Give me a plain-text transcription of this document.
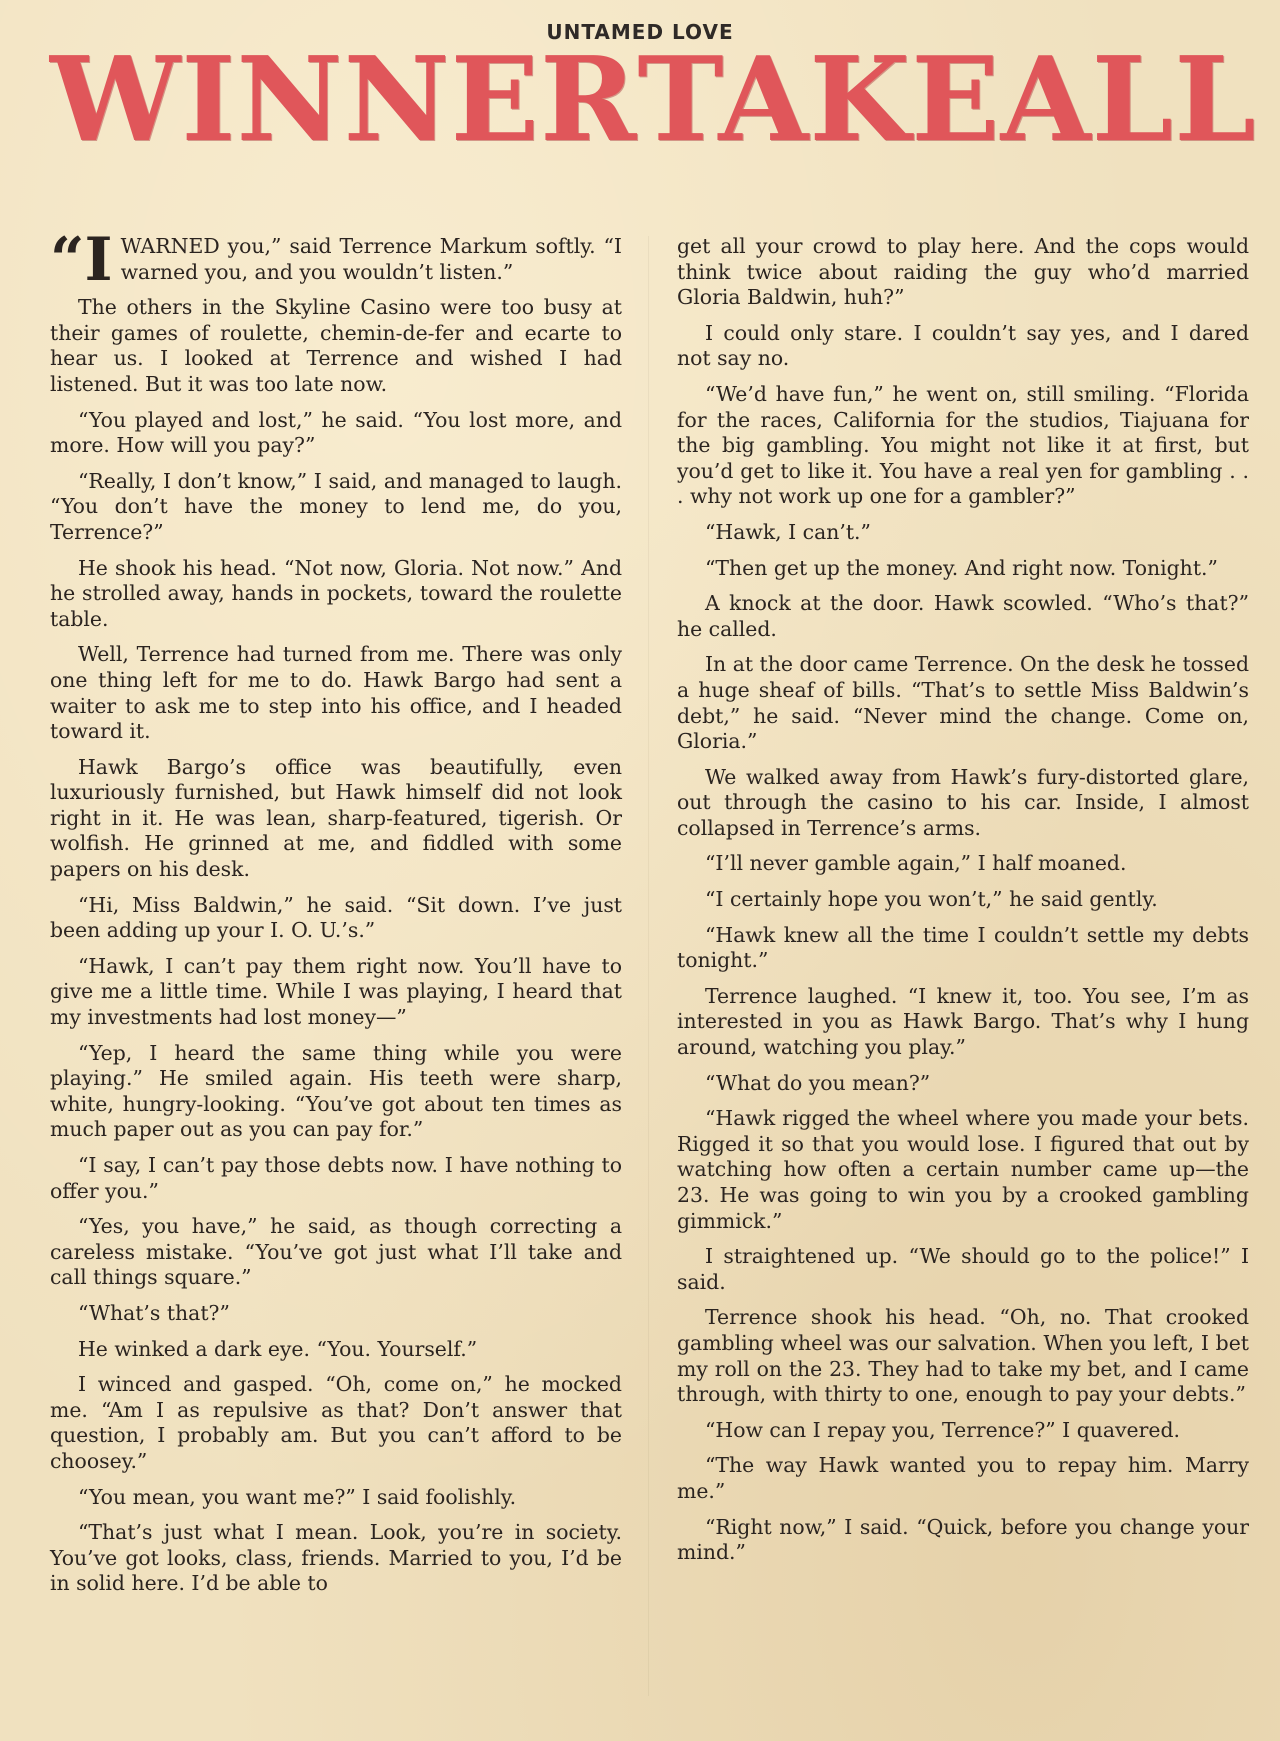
UNTAMED LOVE
WINNER TAKE ALL

“IWARNED you,” said Terrence Markum softly. “I warned you, and you wouldn’t listen.”

The others in the Skyline Casino were too busy at their games of roulette, chemin-de-fer and ecarte to hear us. I looked at Terrence and wished I had listened. But it was too late now.

“You played and lost,” he said. “You lost more, and more. How will you pay?”

“Really, I don’t know,” I said, and managed to laugh. “You don’t have the money to lend me, do you, Terrence?”

He shook his head. “Not now, Gloria. Not now.” And he strolled away, hands in pockets, toward the roulette table.

Well, Terrence had turned from me. There was only one thing left for me to do. Hawk Bargo had sent a waiter to ask me to step into his office, and I headed toward it.

Hawk Bargo’s office was beautifully, even luxuriously furnished, but Hawk himself did not look right in it. He was lean, sharp-featured, tigerish. Or wolfish. He grinned at me, and fiddled with some papers on his desk.

“Hi, Miss Baldwin,” he said. “Sit down. I’ve just been adding up your I. O. U.’s.”

“Hawk, I can’t pay them right now. You’ll have to give me a little time. While I was playing, I heard that my investments had lost money—”

“Yep, I heard the same thing while you were playing.” He smiled again. His teeth were sharp, white, hungry-looking. “You’ve got about ten times as much paper out as you can pay for.”

“I say, I can’t pay those debts now. I have nothing to offer you.”

“Yes, you have,” he said, as though correcting a careless mistake. “You’ve got just what I’ll take and call things square.”

“What’s that?”

He winked a dark eye. “You. Yourself.”

I winced and gasped. “Oh, come on,” he mocked me. “Am I as repulsive as that? Don’t answer that question, I probably am. But you can’t afford to be choosey.”

“You mean, you want me?” I said foolishly.

“That’s just what I mean. Look, you’re in society. You’ve got looks, class, friends. Married to you, I’d be in solid here. I’d be able to

get all your crowd to play here. And the cops would think twice about raiding the guy who’d married Gloria Baldwin, huh?”

I could only stare. I couldn’t say yes, and I dared not say no.

“We’d have fun,” he went on, still smiling. “Florida for the races, California for the studios, Tiajuana for the big gambling. You might not like it at first, but you’d get to like it. You have a real yen for gambling . . . why not work up one for a gambler?”

“Hawk, I can’t.”

“Then get up the money. And right now. Tonight.”

A knock at the door. Hawk scowled. “Who’s that?” he called.

In at the door came Terrence. On the desk he tossed a huge sheaf of bills. “That’s to settle Miss Baldwin’s debt,” he said. “Never mind the change. Come on, Gloria.”

We walked away from Hawk’s fury-distorted glare, out through the casino to his car. Inside, I almost collapsed in Terrence’s arms.

“I’ll never gamble again,” I half moaned.

“I certainly hope you won’t,” he said gently.

“Hawk knew all the time I couldn’t settle my debts tonight.”

Terrence laughed. “I knew it, too. You see, I’m as interested in you as Hawk Bargo. That’s why I hung around, watching you play.”

“What do you mean?”

“Hawk rigged the wheel where you made your bets. Rigged it so that you would lose. I figured that out by watching how often a certain number came up—the 23. He was going to win you by a crooked gambling gimmick.”

I straightened up. “We should go to the police!” I said.

Terrence shook his head. “Oh, no. That crooked gambling wheel was our salvation. When you left, I bet my roll on the 23. They had to take my bet, and I came through, with thirty to one, enough to pay your debts.”

“How can I repay you, Terrence?” I quavered.

“The way Hawk wanted you to repay him. Marry me.”

“Right now,” I said. “Quick, before you change your mind.”
